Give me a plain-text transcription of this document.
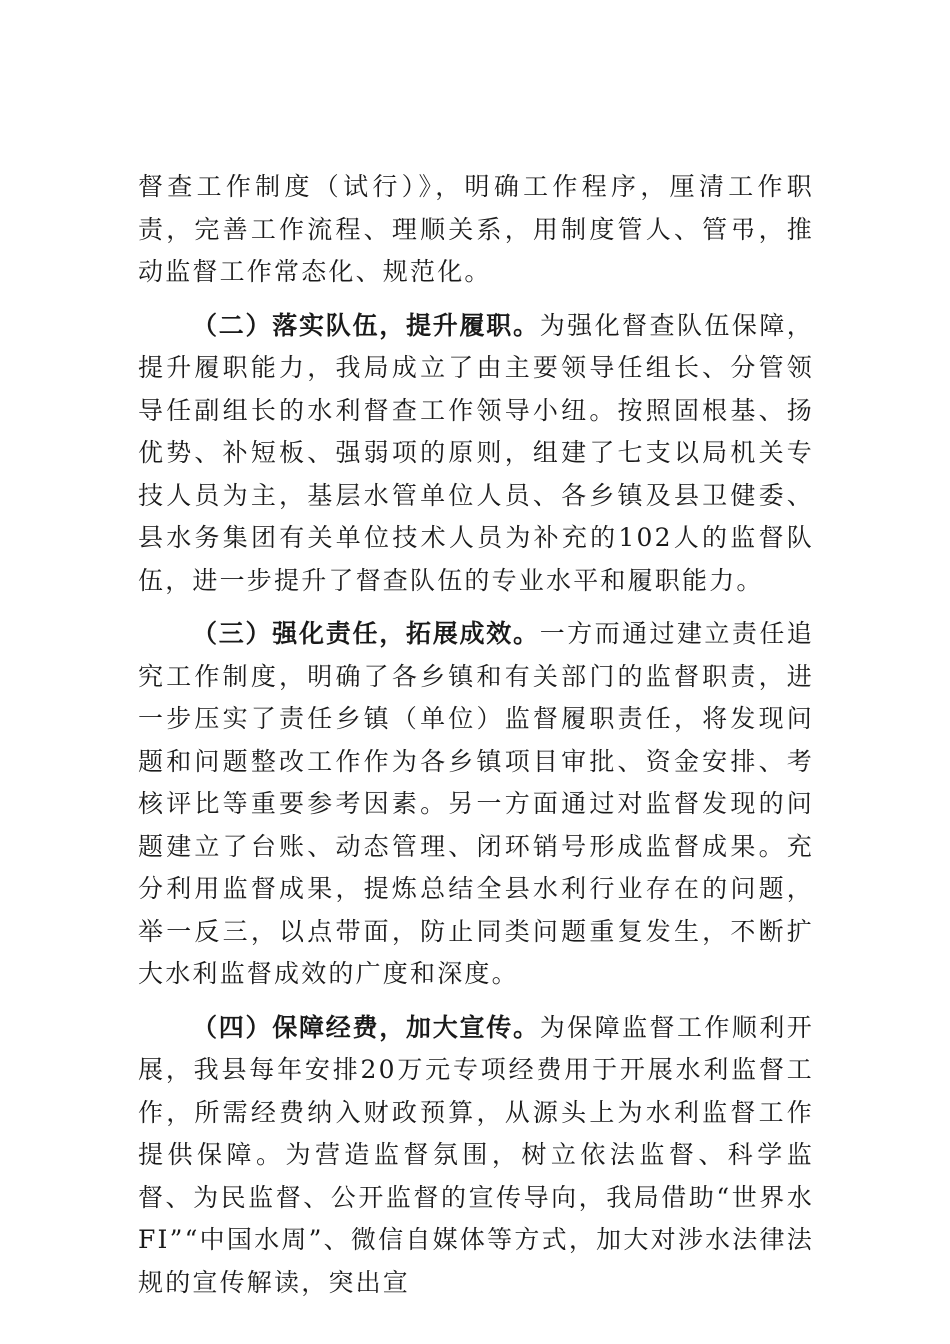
督查工作制度（试行）》，明确工作程序，厘清工作职责，完善工作流程、理顺关系，用制度管人、管弔，推动监督工作常态化、规范化。

（二）落实队伍，提升履职。为强化督查队伍保障，提升履职能力，我局成立了由主要领导任组长、分管领导任副组长的水利督查工作领导小纽。按照固根基、扬优势、补短板、强弱项的原则，组建了七支以局机关专技人员为主，基层水管单位人员、各乡镇及县卫健委、县水务集团有关单位技术人员为补充的102人的监督队伍，进一步提升了督查队伍的专业水平和履职能力。

（三）强化责任，拓展成效。一方而通过建立责任追究工作制度，明确了各乡镇和有关部门的监督职责，进一步压实了责任乡镇（单位）监督履职责任，将发现问题和问题整改工作作为各乡镇项目审批、资金安排、考核评比等重要参考因素。另一方面通过对监督发现的问题建立了台账、动态管理、闭环销号形成监督成果。充分利用监督成果，提炼总结全县水利行业存在的问题，举一反三，以点带面，防止同类问题重复发生，不断扩大水利监督成效的广度和深度。

（四）保障经费，加大宣传。为保障监督工作顺利开展，我县每年安排20万元专项经费用于开展水利监督工作，所需经费纳入财政预算，从源头上为水利监督工作提供保障。为营造监督氛围，树立依法监督、科学监督、为民监督、公开监督的宣传导向，我局借助“世界水FI”“中国水周”、微信自媒体等方式，加大对涉水法律法规的宣传解读，突出宣
